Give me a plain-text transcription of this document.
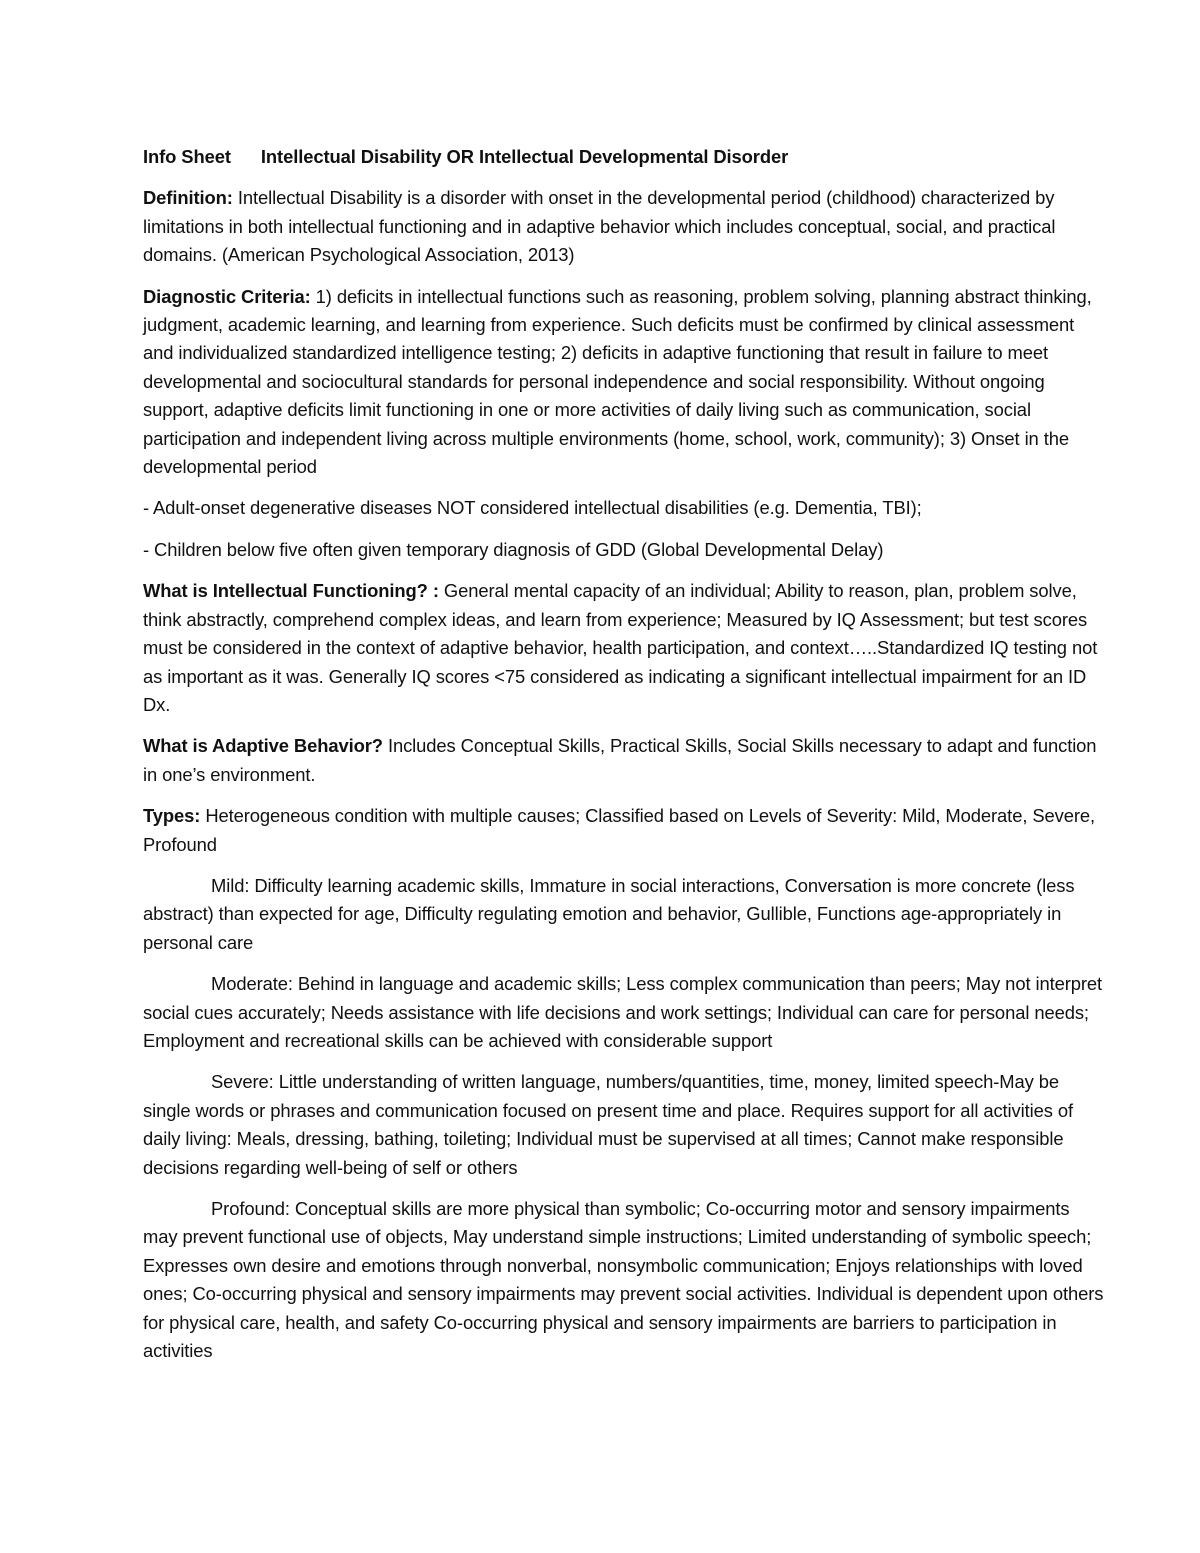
Info Sheet Intellectual Disability OR Intellectual Developmental Disorder

Definition: Intellectual Disability is a disorder with onset in the developmental period (childhood) characterized by limitations in both intellectual functioning and in adaptive behavior which includes conceptual, social, and practical domains. (American Psychological Association, 2013)

Diagnostic Criteria: 1) deficits in intellectual functions such as reasoning, problem solving, planning abstract thinking, judgment, academic learning, and learning from experience. Such deficits must be confirmed by clinical assessment and individualized standardized intelligence testing; 2) deficits in adaptive functioning that result in failure to meet developmental and sociocultural standards for personal independence and social responsibility. Without ongoing support, adaptive deficits limit functioning in one or more activities of daily living such as communication, social participation and independent living across multiple environments (home, school, work, community); 3) Onset in the developmental period

- Adult-onset degenerative diseases NOT considered intellectual disabilities (e.g. Dementia, TBI);

- Children below five often given temporary diagnosis of GDD (Global Developmental Delay)

What is Intellectual Functioning? : General mental capacity of an individual; Ability to reason, plan, problem solve, think abstractly, comprehend complex ideas, and learn from experience; Measured by IQ Assessment; but test scores must be considered in the context of adaptive behavior, health participation, and context…..Standardized IQ testing not as important as it was. Generally IQ scores <75 considered as indicating a significant intellectual impairment for an ID Dx.

What is Adaptive Behavior? Includes Conceptual Skills, Practical Skills, Social Skills necessary to adapt and function in one’s environment.

Types: Heterogeneous condition with multiple causes; Classified based on Levels of Severity: Mild, Moderate, Severe, Profound

Mild: Difficulty learning academic skills, Immature in social interactions, Conversation is more concrete (less abstract) than expected for age, Difficulty regulating emotion and behavior, Gullible, Functions age-appropriately in personal care

Moderate: Behind in language and academic skills; Less complex communication than peers; May not interpret social cues accurately; Needs assistance with life decisions and work settings; Individual can care for personal needs; Employment and recreational skills can be achieved with considerable support

Severe: Little understanding of written language, numbers/quantities, time, money, limited speech-May be single words or phrases and communication focused on present time and place. Requires support for all activities of daily living: Meals, dressing, bathing, toileting; Individual must be supervised at all times; Cannot make responsible decisions regarding well-being of self or others

Profound: Conceptual skills are more physical than symbolic; Co-occurring motor and sensory impairments may prevent functional use of objects, May understand simple instructions; Limited understanding of symbolic speech; Expresses own desire and emotions through nonverbal, nonsymbolic communication; Enjoys relationships with loved ones; Co-occurring physical and sensory impairments may prevent social activities. Individual is dependent upon others for physical care, health, and safety Co-occurring physical and sensory impairments are barriers to participation in activities
